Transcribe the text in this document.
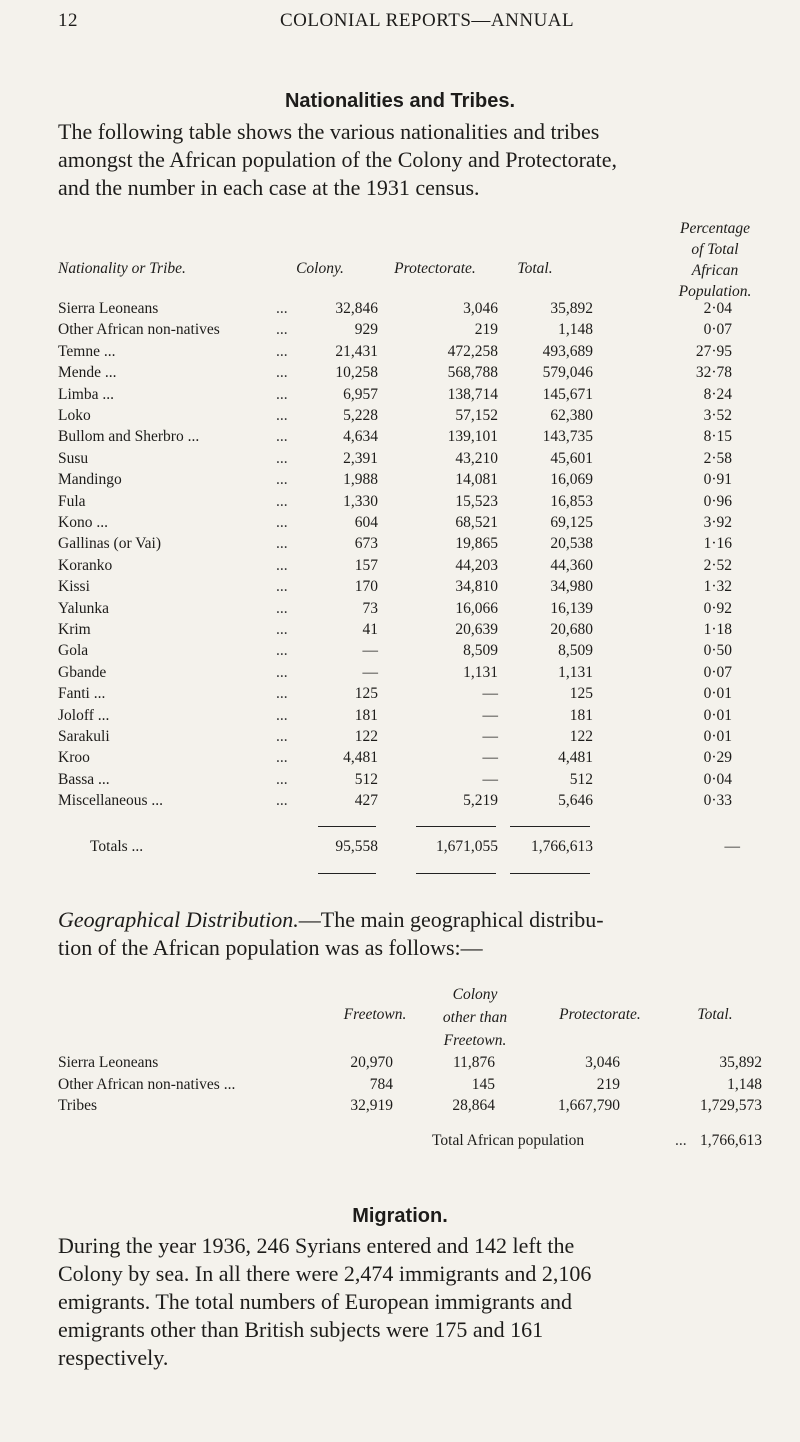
12	COLONIAL REPORTS—ANNUAL
Nationalities and Tribes.
The following table shows the various nationalities and tribes
amongst the African population of the Colony and Protectorate,
and the number in each case at the 1931 census.
Nationality or Tribe.	Colony.	Protectorate.	Total.
Percentage
of Total
African
Population.
Sierra Leoneans	...	32,846	3,046	35,892	2·04
Other African non-natives	...	929	219	1,148	0·07
Temne ...	...	21,431	472,258	493,689	27·95
Mende ...	...	10,258	568,788	579,046	32·78
Limba ...	...	6,957	138,714	145,671	8·24
Loko	...	5,228	57,152	62,380	3·52
Bullom and Sherbro ...	...	4,634	139,101	143,735	8·15
Susu	...	2,391	43,210	45,601	2·58
Mandingo	...	1,988	14,081	16,069	0·91
Fula	...	1,330	15,523	16,853	0·96
Kono ...	...	604	68,521	69,125	3·92
Gallinas (or Vai)	...	673	19,865	20,538	1·16
Koranko	...	157	44,203	44,360	2·52
Kissi	...	170	34,810	34,980	1·32
Yalunka	...	73	16,066	16,139	0·92
Krim	...	41	20,639	20,680	1·18
Gola	...	—	8,509	8,509	0·50
Gbande	...	—	1,131	1,131	0·07
Fanti ...	...	125	—	125	0·01
Joloff ...	...	181	—	181	0·01
Sarakuli	...	122	—	122	0·01
Kroo	...	4,481	—	4,481	0·29
Bassa ...	...	512	—	512	0·04
Miscellaneous ...	...	427	5,219	5,646	0·33
Totals ...	95,558	1,671,055	1,766,613	—
Geographical Distribution.—The main geographical distribu-
tion of the African population was as follows:—
Freetown.
Colony
other than
Freetown.
Protectorate.	Total.
Sierra Leoneans	20,970	11,876	3,046	35,892
Other African non-natives ...	784	145	219	1,148
Tribes	32,919	28,864	1,667,790	1,729,573
Total African population	... 1,766,613
Migration.
During the year 1936, 246 Syrians entered and 142 left the
Colony by sea. In all there were 2,474 immigrants and 2,106
emigrants. The total numbers of European immigrants and
emigrants other than British subjects were 175 and 161
respectively.
